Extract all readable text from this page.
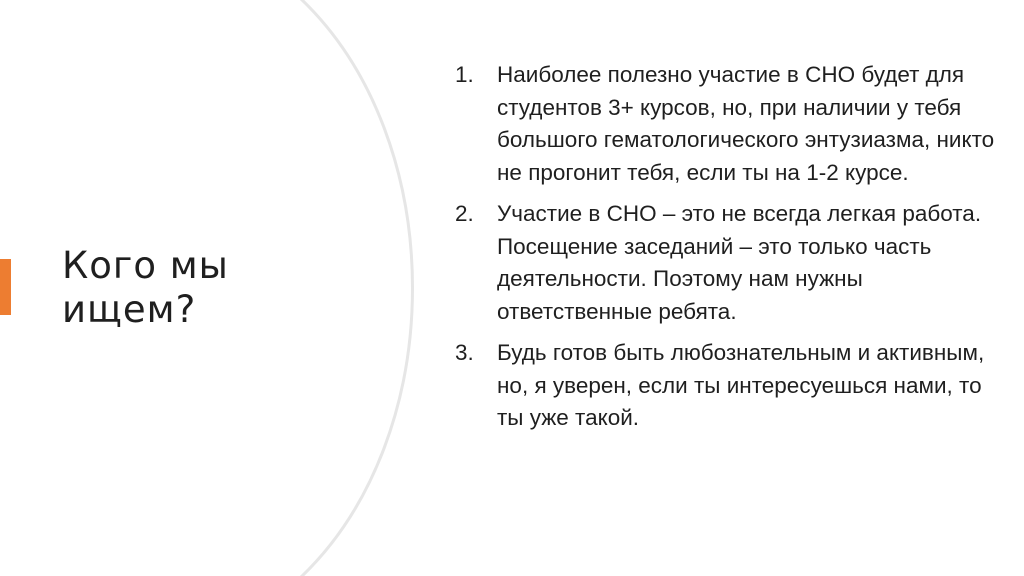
Кого мы ищем?
1.	Наиболее полезно участие в СНО будет для студентов 3+ курсов, но, при наличии у тебя большого гематологического энтузиазма, никто не прогонит тебя, если ты на 1-2 курсе.
2.	Участие в СНО – это не всегда легкая работа. Посещение заседаний – это только часть деятельности. Поэтому нам нужны ответственные ребята.
3.	Будь готов быть любознательным и активным, но, я уверен, если ты интересуешься нами, то ты уже такой.
